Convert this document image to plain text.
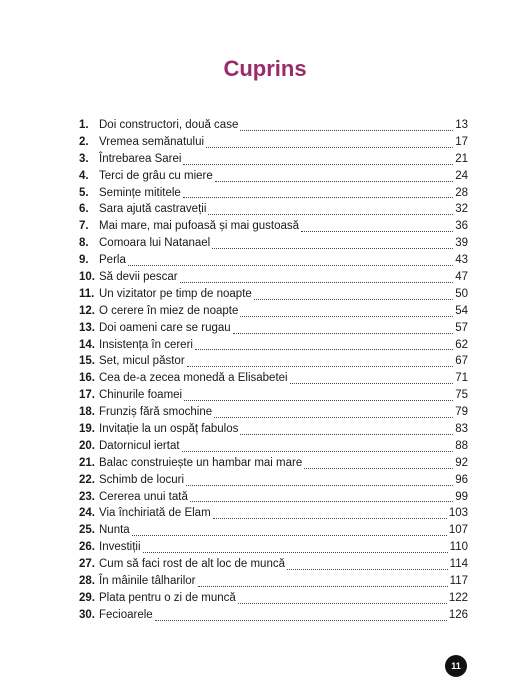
Cuprins
1. Doi constructori, două case	13
2. Vremea semănatului	17
3. Întrebarea Sarei	21
4. Terci de grâu cu miere	24
5. Semințe mititele	28
6. Sara ajută castraveții	32
7. Mai mare, mai pufoasă și mai gustoasă	36
8. Comoara lui Natanael	39
9. Perla	43
10. Să devii pescar	47
11. Un vizitator pe timp de noapte	50
12. O cerere în miez de noapte	54
13. Doi oameni care se rugau	57
14. Insistența în cereri	62
15. Set, micul păstor	67
16. Cea de-a zecea monedă a Elisabetei	71
17. Chinurile foamei	75
18. Frunziș fără smochine	79
19. Invitație la un ospăț fabulos	83
20. Datornicul iertat	88
21. Balac construiește un hambar mai mare	92
22. Schimb de locuri	96
23. Cererea unui tată	99
24. Via închiriată de Elam	103
25. Nunta	107
26. Investiții	110
27. Cum să faci rost de alt loc de muncă	114
28. În mâinile tâlharilor	117
29. Plata pentru o zi de muncă	122
30. Fecioarele	126
11
